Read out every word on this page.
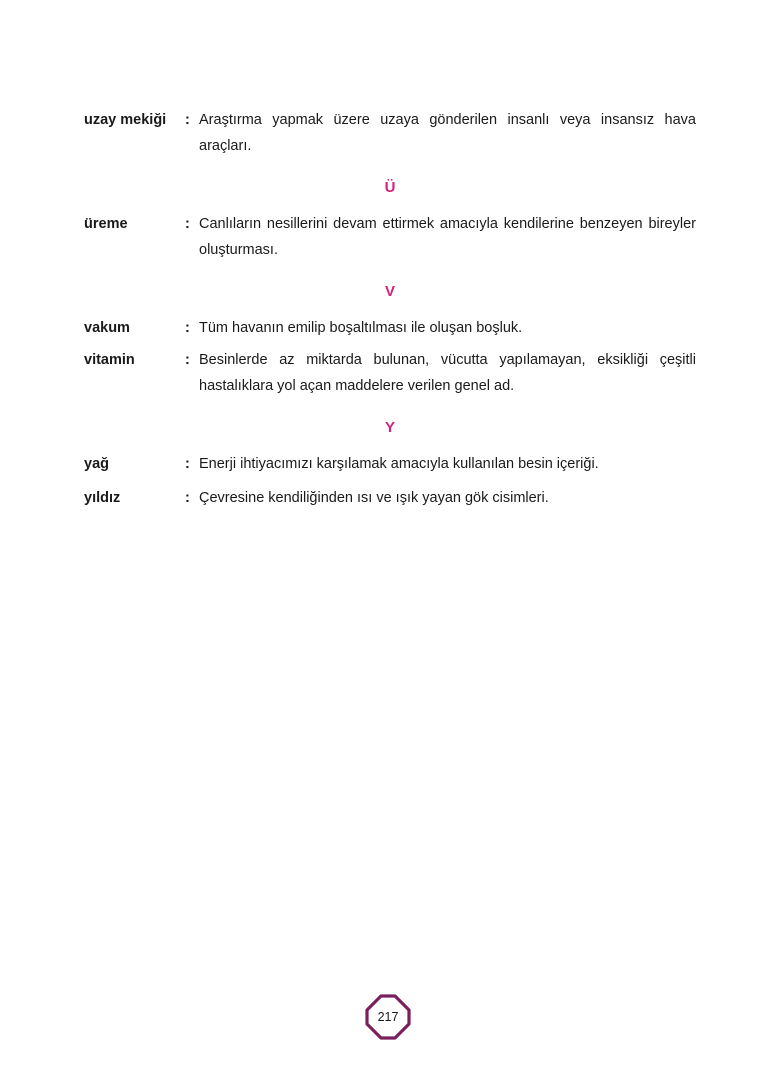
uzay mekiği : Araştırma yapmak üzere uzaya gönderilen insanlı veya insansız hava araçları.
Ü
üreme	: Canlıların nesillerini devam ettirmek amacıyla kendilerine benzeyen bireyler oluşturması.
V
vakum	: Tüm havanın emilip boşaltılması ile oluşan boşluk.
vitamin	: Besinlerde az miktarda bulunan, vücutta yapılamayan, eksikliği çeşitli hastalıklara yol açan maddelere verilen genel ad.
Y
yağ	: Enerji ihtiyacımızı karşılamak amacıyla kullanılan besin içeriği.
yıldız	: Çevresine kendiliğinden ısı ve ışık yayan gök cisimleri.
217
